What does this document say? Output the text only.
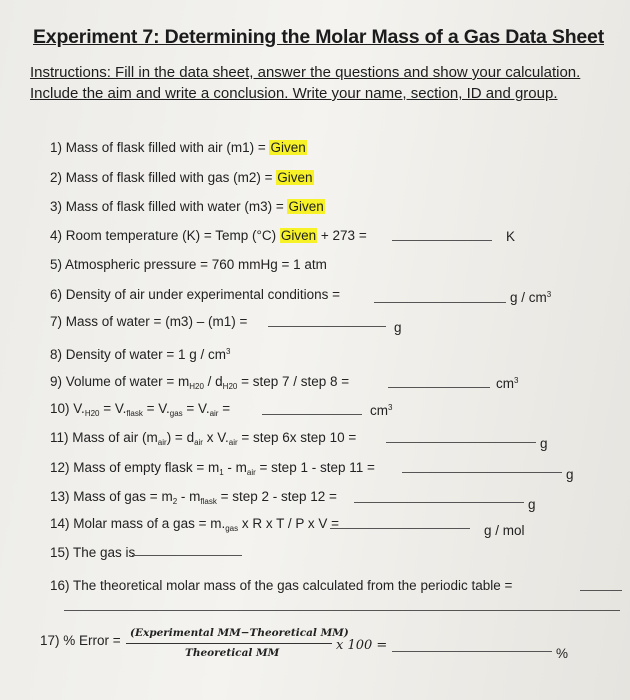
Experiment 7: Determining the Molar Mass of a Gas Data Sheet
Instructions: Fill in the data sheet, answer the questions and show your calculation. Include the aim and write a conclusion. Write your name, section, ID and group.
1) Mass of flask filled with air (m1) = Given
2) Mass of flask filled with gas (m2) = Given
3) Mass of flask filled with water (m3) = Given
4) Room temperature (K) = Temp (°C) Given + 273 =	K
5) Atmospheric pressure = 760 mmHg = 1 atm
6) Density of air under experimental conditions =	g / $cm^3$
7) Mass of water = (m3) – (m1) =	g
8) Density of water = 1 g / $cm^3$
9) Volume of water = $m_{H20} / d_{H20}$ = step 7 / step 8 =	$cm^3$
10) $V._{H20} = V._{flask} = V._{gas} = V._{air}$ =	$cm^3$
11) Mass of air $(m_{air}) = d_{air}$ x $V._{air}$ = step 6x step 10 =	g
12) Mass of empty flask = $m_1 - m_{air}$ = step 1 - step 11 =	g
13) Mass of gas = $m_2 - m_{flask}$ = step 2 - step 12 =
g
14) Molar mass of a gas = $m._{gas}$ x R x T / P x V =	g / mol
15) The gas is
16) The theoretical molar mass of the gas calculated from the periodic table =
17) % Error = (Experimental MM−Theoretical MM)
Theoretical MM	x 100 =
%
